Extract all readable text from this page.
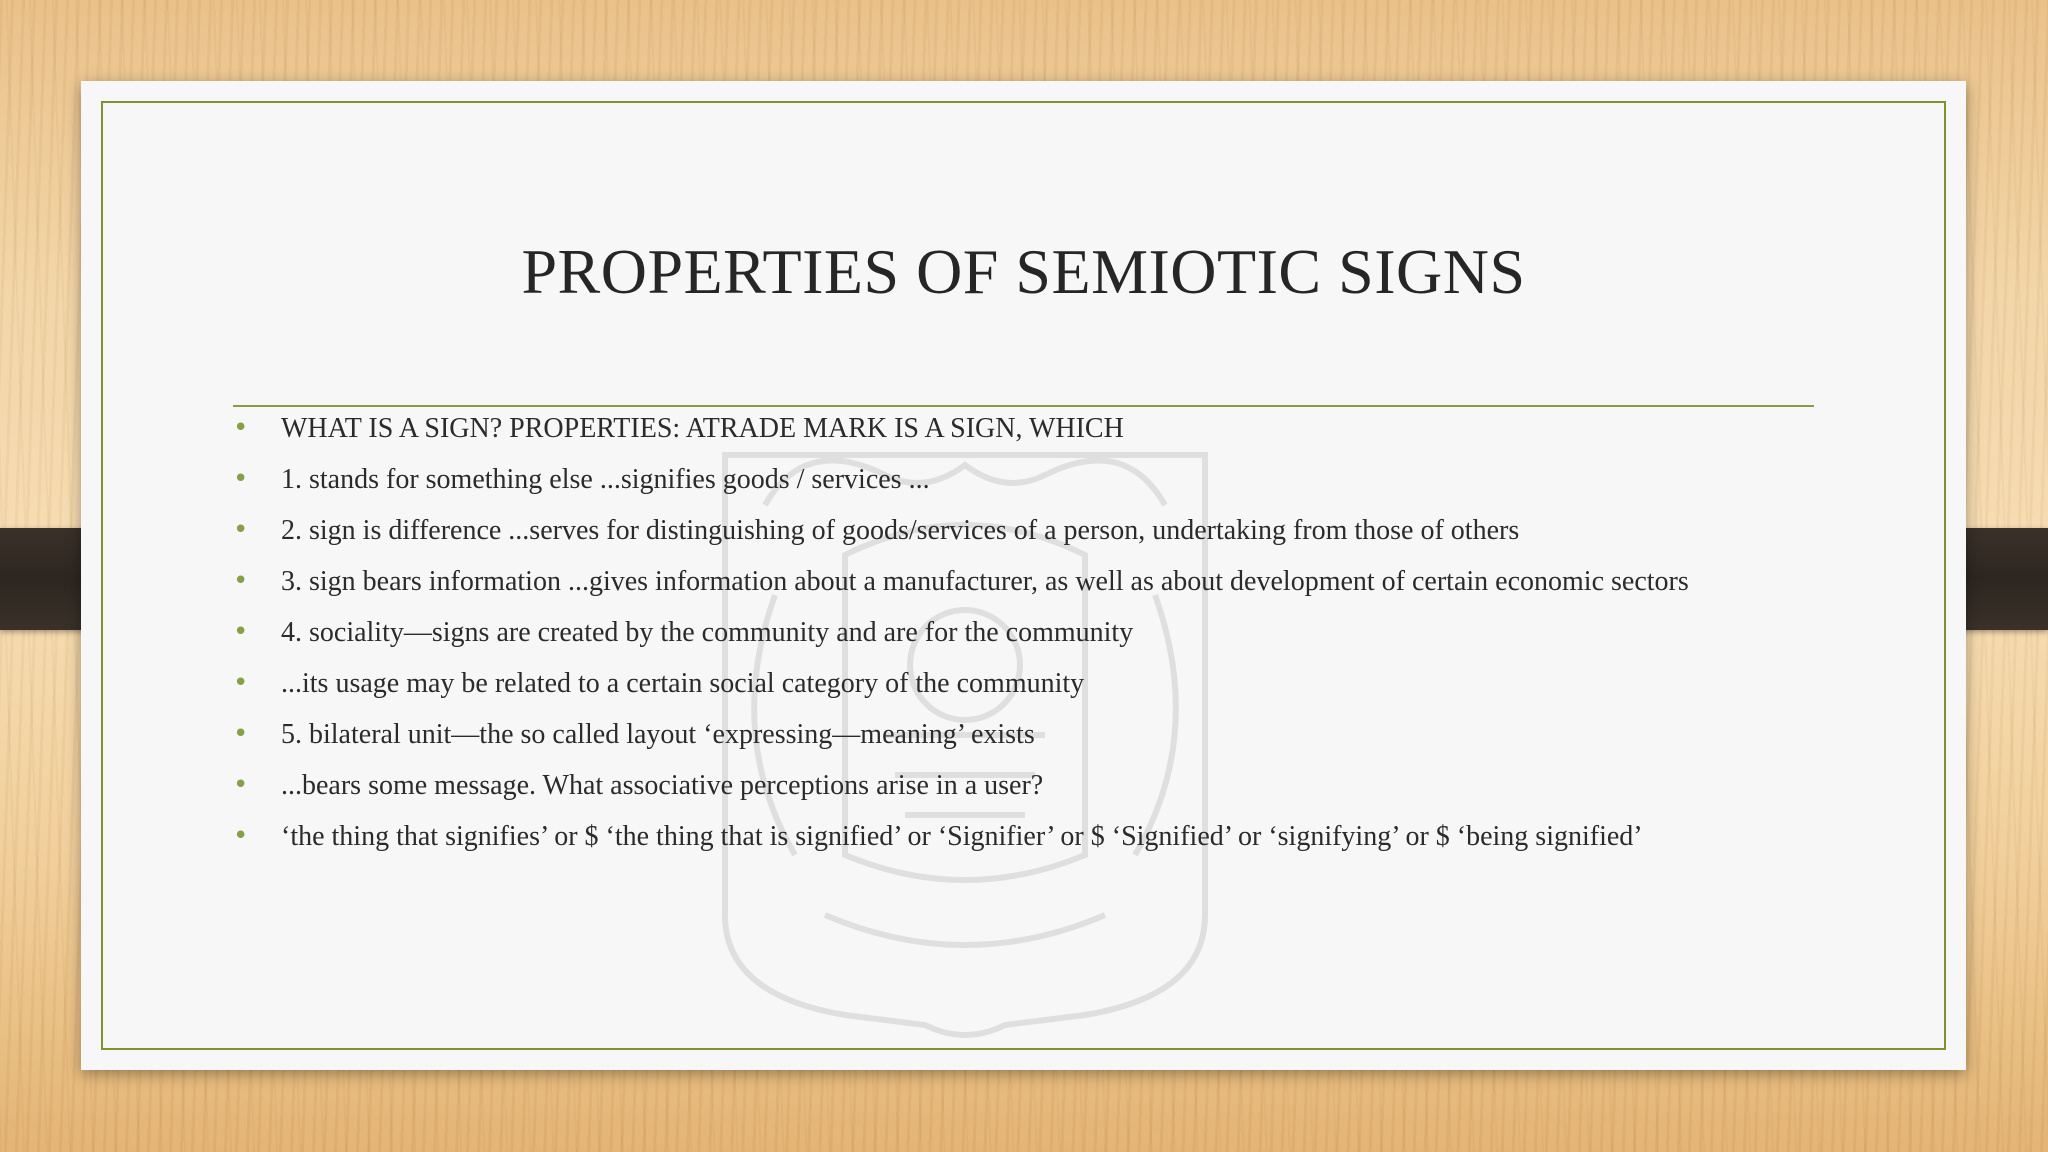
PROPERTIES OF SEMIOTIC SIGNS
• WHAT IS A SIGN? PROPERTIES: ATRADE MARK IS A SIGN, WHICH
• 1. stands for something else ...signifies goods / services ...
• 2. sign is difference ...serves for distinguishing of goods/services of a person, undertaking from those of others
• 3. sign bears information ...gives information about a manufacturer, as well as about development of certain economic sectors
• 4. sociality—signs are created by the community and are for the community
• ...its usage may be related to a certain social category of the community
• 5. bilateral unit—the so called layout ‘expressing—meaning’ exists
• ...bears some message. What associative perceptions arise in a user?
• ‘the thing that signifies’ or $ ‘the thing that is signified’ or ‘Signifier’ or $ ‘Signified’ or ‘signifying’ or $ ‘being signified’
